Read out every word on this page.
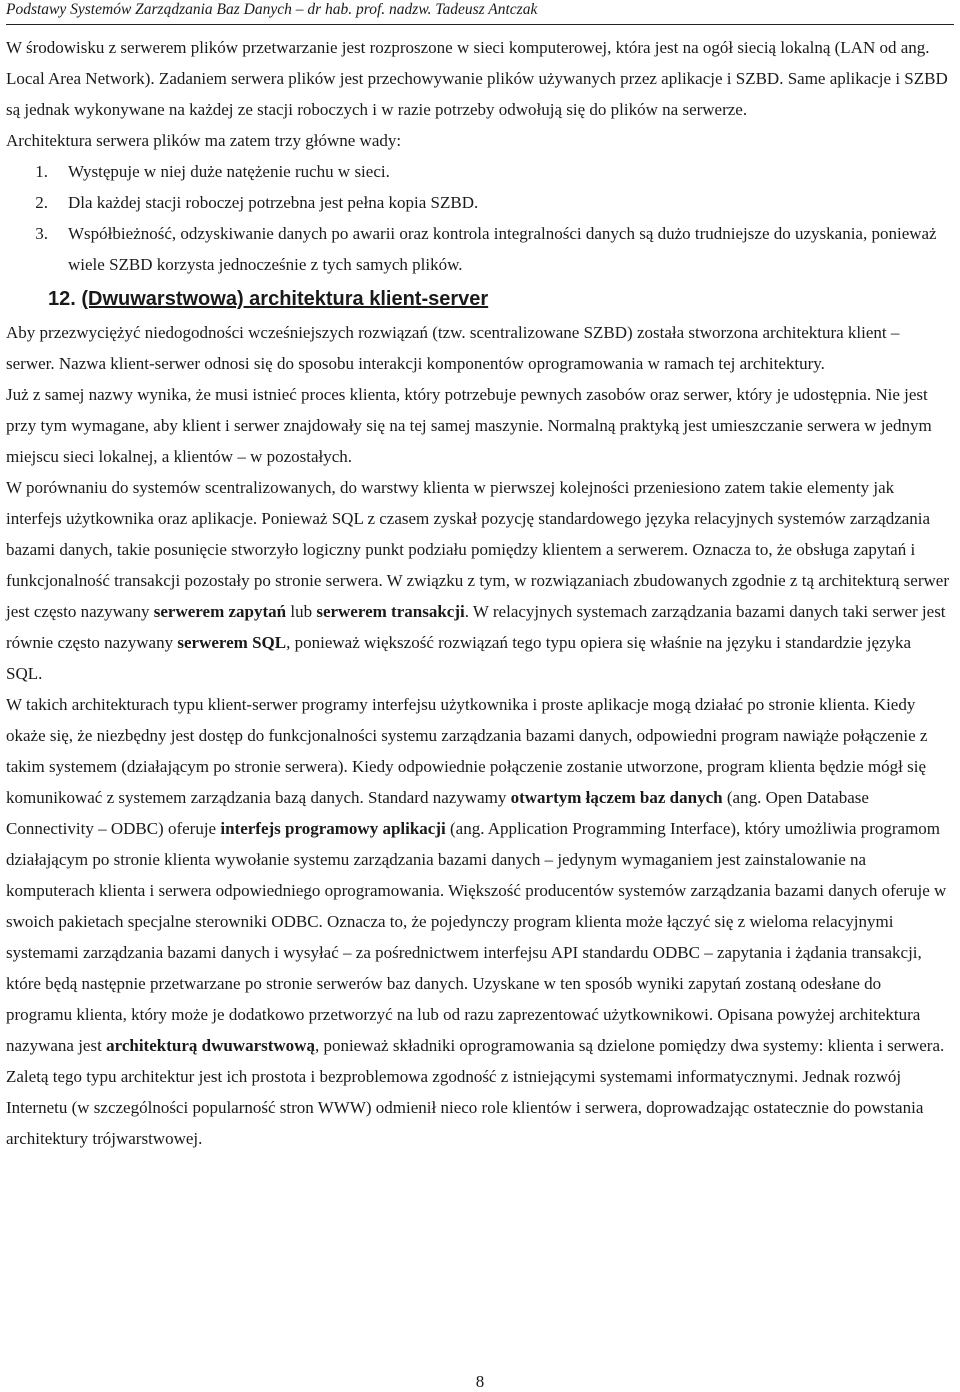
Podstawy Systemów Zarządzania Baz Danych – dr hab. prof. nadzw. Tadeusz Antczak

W środowisku z serwerem plików przetwarzanie jest rozproszone w sieci komputerowej, która jest na ogół siecią lokalną (LAN od ang. Local Area Network). Zadaniem serwera plików jest przechowywanie plików używanych przez aplikacje i SZBD. Same aplikacje i SZBD są jednak wykonywane na każdej ze stacji roboczych i w razie potrzeby odwołują się do plików na serwerze.

Architektura serwera plików ma zatem trzy główne wady:

1.	Występuje w niej duże natężenie ruchu w sieci.
2.	Dla każdej stacji roboczej potrzebna jest pełna kopia SZBD.
3.	Współbieżność, odzyskiwanie danych po awarii oraz kontrola integralności danych są dużo trudniejsze do uzyskania, ponieważ wiele SZBD korzysta jednocześnie z tych samych plików.
12. (Dwuwarstwowa) architektura klient-server

Aby przezwyciężyć niedogodności wcześniejszych rozwiązań (tzw. scentralizowane SZBD) została stworzona architektura klient – serwer. Nazwa klient-serwer odnosi się do sposobu interakcji komponentów oprogramowania w ramach tej architektury.

Już z samej nazwy wynika, że musi istnieć proces klienta, który potrzebuje pewnych zasobów oraz serwer, który je udostępnia. Nie jest przy tym wymagane, aby klient i serwer znajdowały się na tej samej maszynie. Normalną praktyką jest umieszczanie serwera w jednym miejscu sieci lokalnej, a klientów – w pozostałych.

W porównaniu do systemów scentralizowanych, do warstwy klienta w pierwszej kolejności przeniesiono zatem takie elementy jak interfejs użytkownika oraz aplikacje. Ponieważ SQL z czasem zyskał pozycję standardowego języka relacyjnych systemów zarządzania bazami danych, takie posunięcie stworzyło logiczny punkt podziału pomiędzy klientem a serwerem. Oznacza to, że obsługa zapytań i funkcjonalność transakcji pozostały po stronie serwera. W związku z tym, w rozwiązaniach zbudowanych zgodnie z tą architekturą serwer jest często nazywany serwerem zapytań lub serwerem transakcji. W relacyjnych systemach zarządzania bazami danych taki serwer jest równie często nazywany serwerem SQL, ponieważ większość rozwiązań tego typu opiera się właśnie na języku i standardzie języka SQL.

W takich architekturach typu klient-serwer programy interfejsu użytkownika i proste aplikacje mogą działać po stronie klienta. Kiedy okaże się, że niezbędny jest dostęp do funkcjonalności systemu zarządzania bazami danych, odpowiedni program nawiąże połączenie z takim systemem (działającym po stronie serwera). Kiedy odpowiednie połączenie zostanie utworzone, program klienta będzie mógł się komunikować z systemem zarządzania bazą danych. Standard nazywamy otwartym łączem baz danych (ang. Open Database Connectivity – ODBC) oferuje interfejs programowy aplikacji (ang. Application Programming Interface), który umożliwia programom działającym po stronie klienta wywołanie systemu zarządzania bazami danych – jedynym wymaganiem jest zainstalowanie na komputerach klienta i serwera odpowiedniego oprogramowania. Większość producentów systemów zarządzania bazami danych oferuje w swoich pakietach specjalne sterowniki ODBC. Oznacza to, że pojedynczy program klienta może łączyć się z wieloma relacyjnymi systemami zarządzania bazami danych i wysyłać – za pośrednictwem interfejsu API standardu ODBC – zapytania i żądania transakcji, które będą następnie przetwarzane po stronie serwerów baz danych. Uzyskane w ten sposób wyniki zapytań zostaną odesłane do programu klienta, który może je dodatkowo przetworzyć na lub od razu zaprezentować użytkownikowi. Opisana powyżej architektura nazywana jest architekturą dwuwarstwową, ponieważ składniki oprogramowania są dzielone pomiędzy dwa systemy: klienta i serwera. Zaletą tego typu architektur jest ich prostota i bezproblemowa zgodność z istniejącymi systemami informatycznymi. Jednak rozwój Internetu (w szczególności popularność stron WWW) odmienił nieco role klientów i serwera, doprowadzając ostatecznie do powstania architektury trójwarstwowej.

8
